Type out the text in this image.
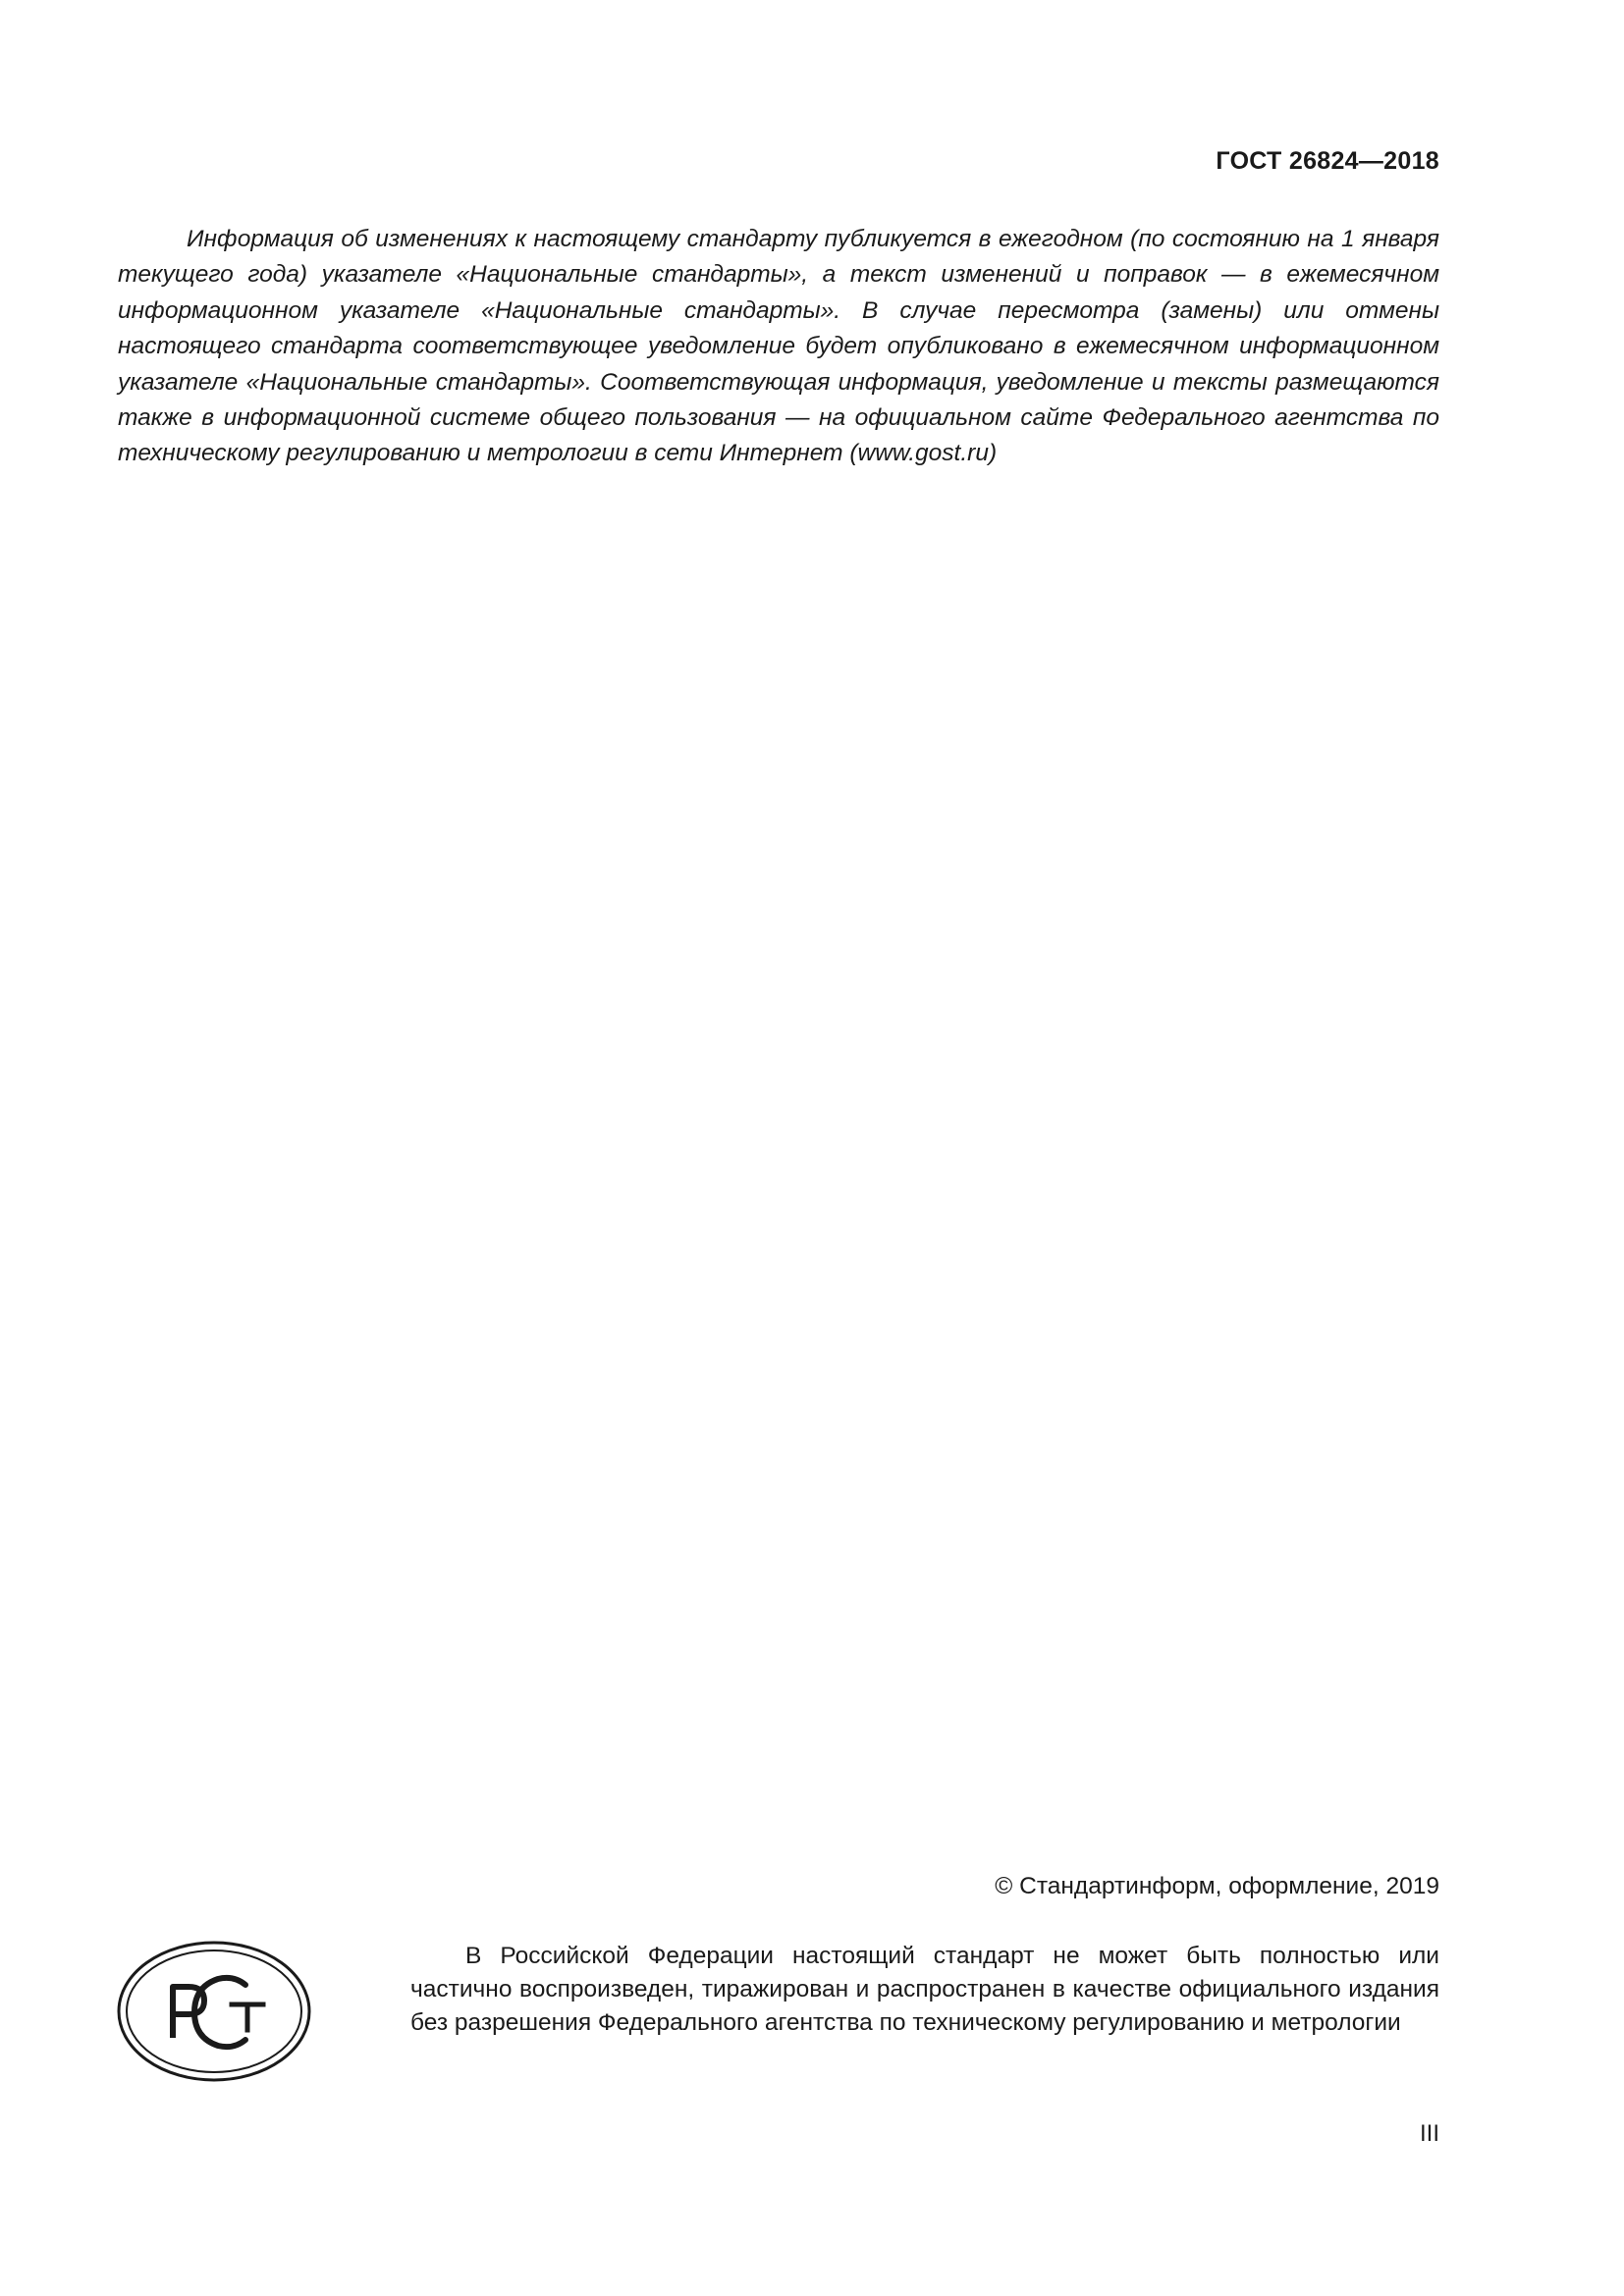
ГОСТ 26824—2018

Информация об изменениях к настоящему стандарту публикуется в ежегодном (по состоянию на 1 января текущего года) указателе «Национальные стандарты», а текст изменений и поправок — в ежемесячном информационном указателе «Национальные стандарты». В случае пересмотра (замены) или отмены настоящего стандарта соответствующее уведомление будет опубликовано в ежемесячном информационном указателе «Национальные стандарты». Соответствующая информация, уведомление и тексты размещаются также в информационной системе общего пользования — на официальном сайте Федерального агентства по техническому регулированию и метрологии в сети Интернет (www.gost.ru)

© Стандартинформ, оформление, 2019

В Российской Федерации настоящий стандарт не может быть полностью или частично воспроизведен, тиражирован и распространен в качестве официального издания без разрешения Федерального агентства по техническому регулированию и метрологии

III
